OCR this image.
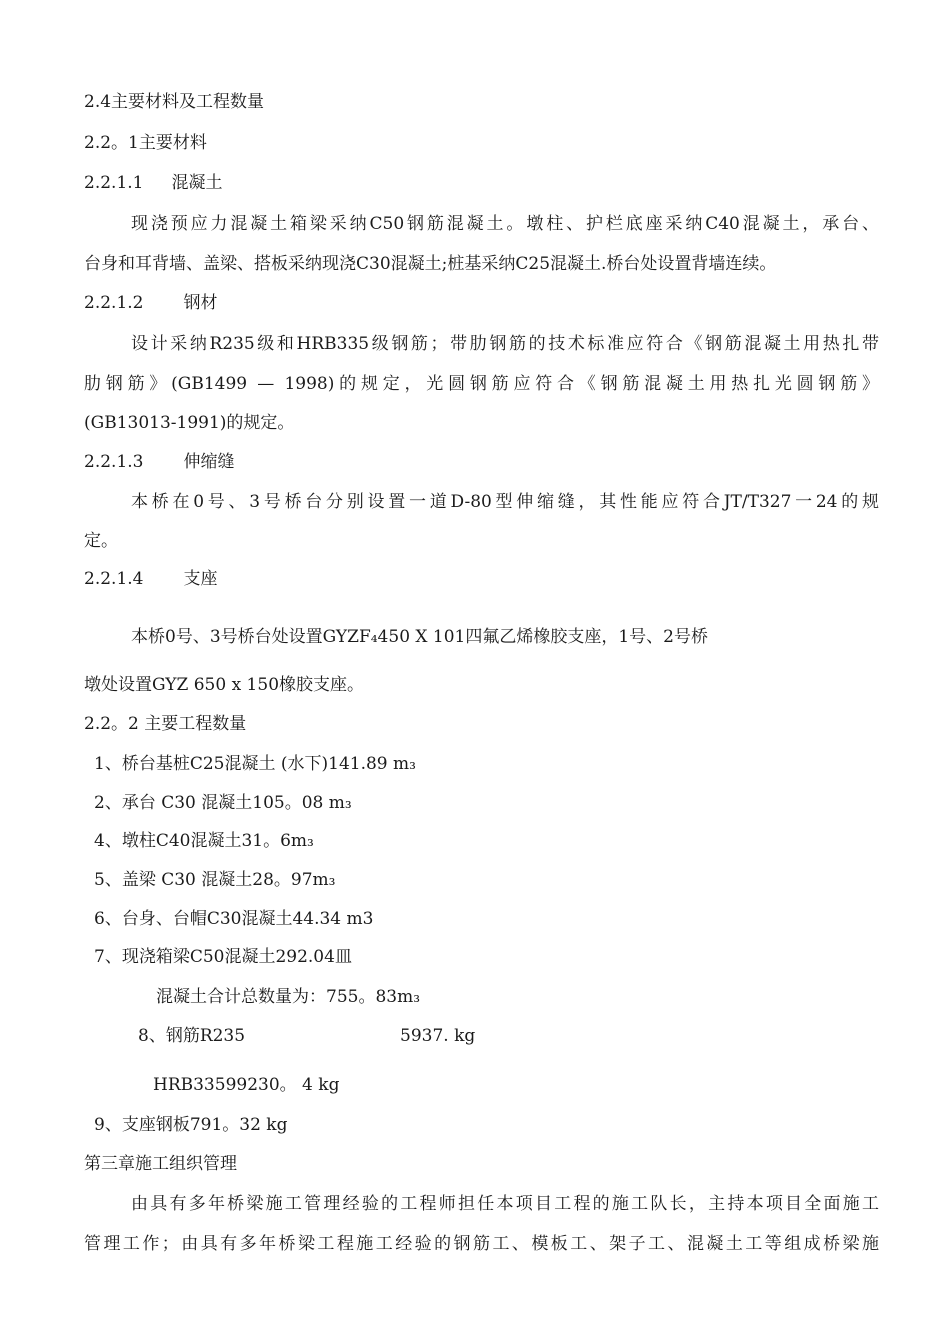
2.4主要材料及工程数量
2.2。1主要材料
2.2.1.1 混凝土
现浇预应力混凝土箱梁采纳C50钢筋混凝土。墩柱、护栏底座采纳C40混凝土，承台、
台身和耳背墙、盖梁、搭板采纳现浇C30混凝土;桩基采纳C25混凝土.桥台处设置背墙连续。
2.2.1.2 钢材
设计采纳R235级和HRB335级钢筋；带肋钢筋的技术标准应符合《钢筋混凝土用热扎带
肋钢筋》(GB1499 — 1998)的规定，光圆钢筋应符合《钢筋混凝土用热扎光圆钢筋》
(GB13013-1991)的规定。
2.2.1.3 伸缩缝
本桥在0号、3号桥台分别设置一道D-80型伸缩缝，其性能应符合JT/T327一24的规
定。
2.2.1.4 支座
本桥0号、3号桥台处设置GYZF₄450 X 101四氟乙烯橡胶支座，1号、2号桥
墩处设置GYZ 650 x 150橡胶支座。
2.2。2 主要工程数量
1、桥台基桩C25混凝土 (水下)141.89 m₃
2、承台 C30 混凝土105。08 m₃
4、墩柱C40混凝土31。6m₃
5、盖梁 C30 混凝土28。97m₃
6、台身、台帽C30混凝土44.34 m3
7、现浇箱梁C50混凝土292.04皿
混凝土合计总数量为：755。83m₃
8、钢筋R235	5937. kg
HRB33599230。 4 kg
9、支座钢板791。32 kg
第三章施工组织管理
由具有多年桥梁施工管理经验的工程师担任本项目工程的施工队长，主持本项目全面施工
管理工作；由具有多年桥梁工程施工经验的钢筋工、模板工、架子工、混凝土工等组成桥梁施
